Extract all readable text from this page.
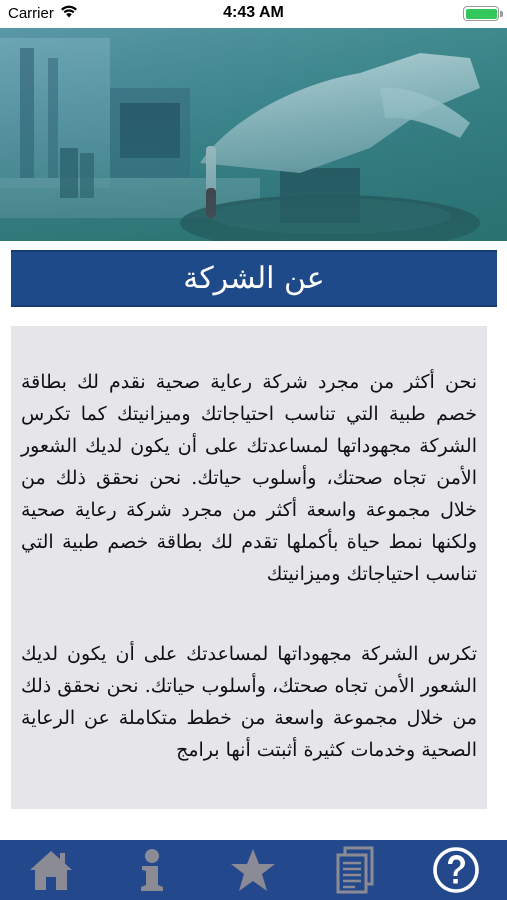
Carrier	4:43 AM
عن الشركة

نحن أكثر من مجرد شركة رعاية صحية نقدم لك بطاقة خصم طبية التي تناسب احتياجاتك وميزانيتك كما تكرس الشركة مجهوداتها لمساعدتك على أن يكون لديك الشعور الأمن تجاه صحتك، وأسلوب حياتك. نحن نحقق ذلك من خلال مجموعة واسعة أكثر من مجرد شركة رعاية صحية ولكنها نمط حياة بأكملها تقدم لك بطاقة خصم طبية التي تناسب احتياجاتك وميزانيتك

تكرس الشركة مجهوداتها لمساعدتك على أن يكون لديك الشعور الأمن تجاه صحتك، وأسلوب حياتك. نحن نحقق ذلك من خلال مجموعة واسعة من خطط متكاملة عن الرعاية الصحية وخدمات كثيرة أثبتت أنها برامج
